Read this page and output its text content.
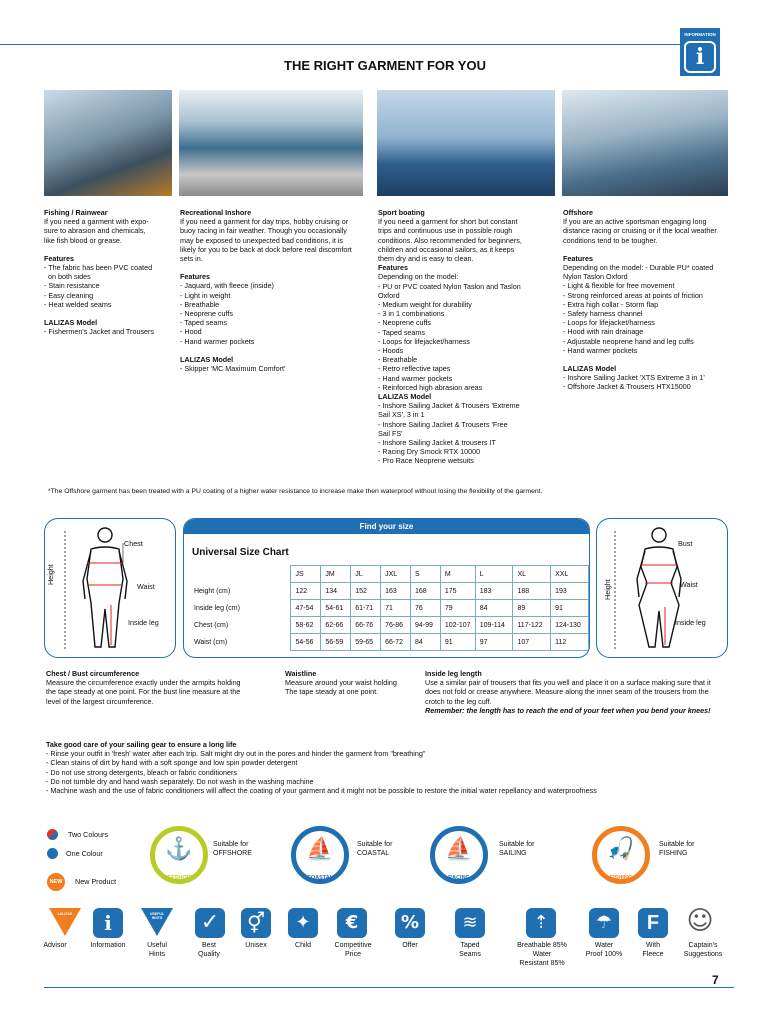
INFORMATION
i
THE RIGHT GARMENT FOR YOU

Fishing / Rainwear

If you need a garment with expo-

sure to abrasion and chemicals,

like fish blood or grease.

Features

- The fabric has been PVC coated

on both sides

- Stain resistance

- Easy cleaning

- Heat welded seams

LALIZAS Model

- Fishermen's Jacket and Trousers

Recreational Inshore

If you need a garment for day trips, hobby cruising or

buoy racing in fair weather. Though you occasionally

may be exposed to unexpected bad conditions, it is

likely for you to be back at dock before real discomfort

sets in.

Features

- Jaquard, with fleece (inside)

- Light in weight

- Breathable

- Neoprene cuffs

- Taped seams

- Hood

- Hand warmer pockets

LALIZAS Model

- Skipper 'MC Maximum Comfort'

Sport boating

If you need a garment for short but constant

trips and continuous use in possible rough

conditions. Also recommended for beginners,

children and occasional sailors, as it keeps

them dry and is easy to clean.

Features

Depending on the model:

- PU or PVC coated Nylon Taslon and Taslon

Oxford

- Medium weight for durability

- 3 in 1 combinations

- Neoprene cuffs

- Taped seams

- Loops for lifejacket/harness

- Hoods

- Breathable

- Retro reflective tapes

- Hand warmer pockets

- Reinforced high abrasion areas

LALIZAS Model

- Inshore Sailing Jacket & Trousers 'Extreme

Sail XS', 3 in 1

- Inshore Sailing Jacket & Trousers 'Free

Sail FS'

- Inshore Sailing Jacket & trousers IT

- Racing Dry Smock RTX 10000

- Pro Race Neoprene wetsuits

Offshore

If you are an active sportsman engaging long

distance racing or cruising or if the local weather

conditions tend to be tougher.

Features

Depending on the model: - Durable PU* coated

Nylon Taslon Oxford

- Light & flexible for free movement

- Strong reinforced areas at points of friction

- Extra high collar - Storm flap

- Safety harness channel

- Loops for lifejacket/harness

- Hood with rain drainage

- Adjustable neoprene hand and leg cuffs

- Hand warmer pockets

LALIZAS Model

- Inshore Sailing Jacket 'XTS Extreme 3 in 1'

- Offshore Jacket & Trousers HTX15000

*The Offshore garment has been treated with a PU coating of a higher water resistance to increase make then waterproof without losing the flexibility of the garment.
Chest
Waist
Inside leg
Height
Find your size
Universal Size Chart
	JS	JM	JL	JXL	S	M	L	XL	XXL
Height (cm)	122	134	152	163	168	175	183	188	193
Inside leg (cm)	47-54	54-61	61-71	71	76	79	84	89	91
Chest (cm)	58-62	62-66	66-76	76-86	94-99	102-107	109-114	117-122	124-130
Waist (cm)	54-56	56-59	59-65	66-72	84	91	97	107	112
Bust
Waist
Inside leg
Height
Chest / Bust circumference
Measure the circumference exactly under the armpits holding
the tape steady at one point. For the bust line measure at the
level of the largest circumference.
Waistline
Measure around your waist holding
The tape steady at one point.
Inside leg length
Use a similar pair of trousers that fits you well and place it on a surface making sure that it
does not fold or crease anywhere. Measure along the inner seam of the trousers from the
crotch to the leg cuff.
Remember: the length has to reach the end of your feet when you bend your knees!
Take good care of your sailing gear to ensure a long life
- Rinse your outfit in 'fresh' water after each trip. Salt might dry out in the pores and hinder the garment from "breathing"
- Clean stains of dirt by hand with a soft sponge and low spin powder detergent
- Do not use strong detergents, bleach or fabric conditioners
- Do not tumble dry and hand wash separately. Do not wash in the washing machine
- Machine wash and the use of fabric conditioners will affect the coating of your garment and it might not be possible to restore the initial water repellancy and waterproofness
Two Colours
One Colour
NEW	New Product
⚓
OFFSHORE
Suitable for
OFFSHORE	⛵
COASTAL
Suitable for
COASTAL	⛵
RACING
Suitable for
SAILING	🎣
FISHING
Suitable for
FISHING
LALIZAS	i	USEFUL HINTS	✓ ⚥	✦	€	%	≋	⇡	☂	F	☺
Advisor	Information	Useful
Hints
Best
Quality
Unisex	Child	Competitive
Price
Offer	Taped
Seams
Breathable 85%
Water
Resistant 85%
Water
Proof 100%
With
Fleece
Captain's
Suggestions
7
